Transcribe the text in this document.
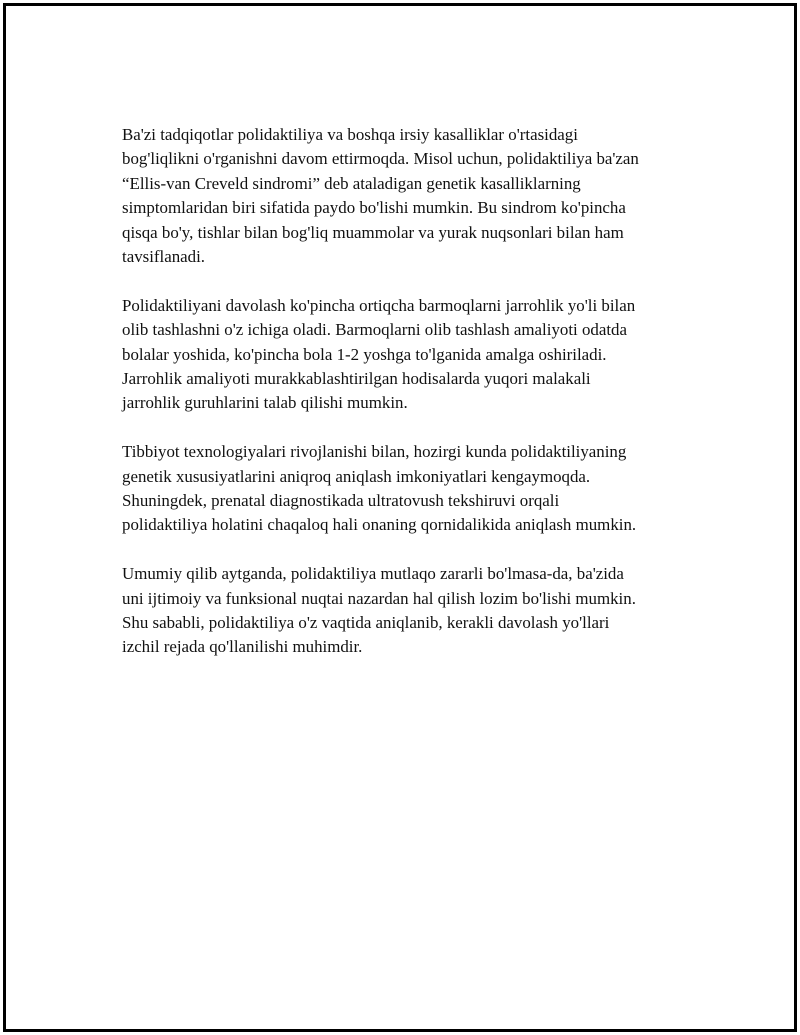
Ba'zi tadqiqotlar polidaktiliya va boshqa irsiy kasalliklar o'rtasidagi
bog'liqlikni o'rganishni davom ettirmoqda. Misol uchun, polidaktiliya ba'zan
“Ellis-van Creveld sindromi” deb ataladigan genetik kasalliklarning
simptomlaridan biri sifatida paydo bo'lishi mumkin. Bu sindrom ko'pincha
qisqa bo'y, tishlar bilan bog'liq muammolar va yurak nuqsonlari bilan ham
tavsiflanadi.

Polidaktiliyani davolash ko'pincha ortiqcha barmoqlarni jarrohlik yo'li bilan
olib tashlashni o'z ichiga oladi. Barmoqlarni olib tashlash amaliyoti odatda
bolalar yoshida, ko'pincha bola 1-2 yoshga to'lganida amalga oshiriladi.
Jarrohlik amaliyoti murakkablashtirilgan hodisalarda yuqori malakali
jarrohlik guruhlarini talab qilishi mumkin.

Tibbiyot texnologiyalari rivojlanishi bilan, hozirgi kunda polidaktiliyaning
genetik xususiyatlarini aniqroq aniqlash imkoniyatlari kengaymoqda.
Shuningdek, prenatal diagnostikada ultratovush tekshiruvi orqali
polidaktiliya holatini chaqaloq hali onaning qornidalikida aniqlash mumkin.

Umumiy qilib aytganda, polidaktiliya mutlaqo zararli bo'lmasa-da, ba'zida
uni ijtimoiy va funksional nuqtai nazardan hal qilish lozim bo'lishi mumkin.
Shu sababli, polidaktiliya o'z vaqtida aniqlanib, kerakli davolash yo'llari
izchil rejada qo'llanilishi muhimdir.
